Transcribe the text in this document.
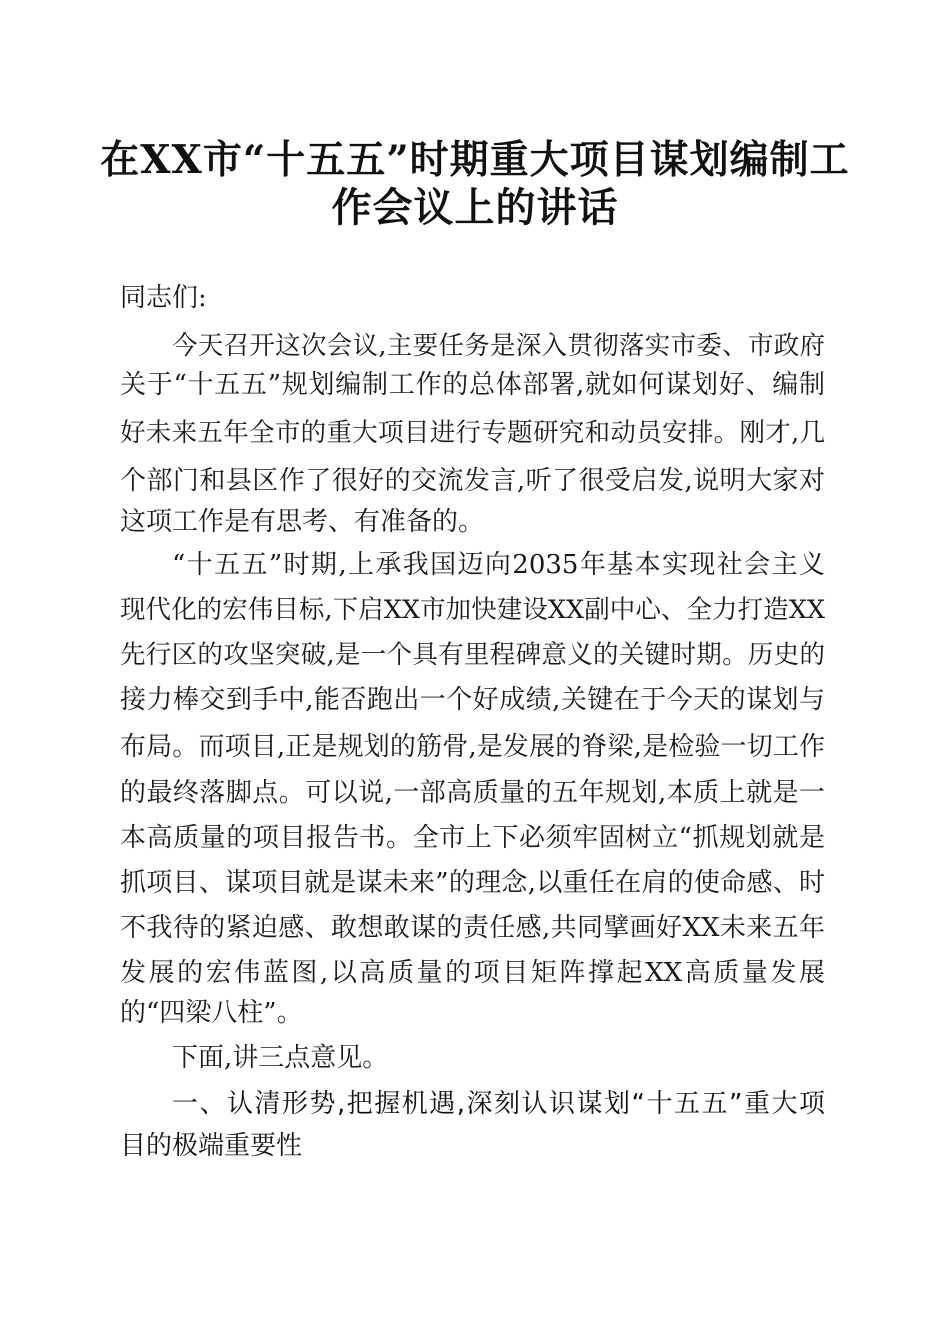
在XX市“十五五”时期重大项目谋划编制工
作会议上的讲话
同志们:
今天召开这次会议,主要任务是深入贯彻落实市委、市政府
关于“十五五”规划编制工作的总体部署,就如何谋划好、编制
好未来五年全市的重大项目进行专题研究和动员安排。刚才,几
个部门和县区作了很好的交流发言,听了很受启发,说明大家对
这项工作是有思考、有准备的。
“十五五”时期,上承我国迈向2035年基本实现社会主义
现代化的宏伟目标,下启XX市加快建设XX副中心、全力打造XX
先行区的攻坚突破,是一个具有里程碑意义的关键时期。历史的
接力棒交到手中,能否跑出一个好成绩,关键在于今天的谋划与
布局。而项目,正是规划的筋骨,是发展的脊梁,是检验一切工作
的最终落脚点。可以说,一部高质量的五年规划,本质上就是一
本高质量的项目报告书。全市上下必须牢固树立“抓规划就是
抓项目、谋项目就是谋未来”的理念,以重任在肩的使命感、时
不我待的紧迫感、敢想敢谋的责任感,共同擘画好XX未来五年
发展的宏伟蓝图,以高质量的项目矩阵撑起XX高质量发展
的“四梁八柱”。
下面,讲三点意见。
一、认清形势,把握机遇,深刻认识谋划“十五五”重大项
目的极端重要性
